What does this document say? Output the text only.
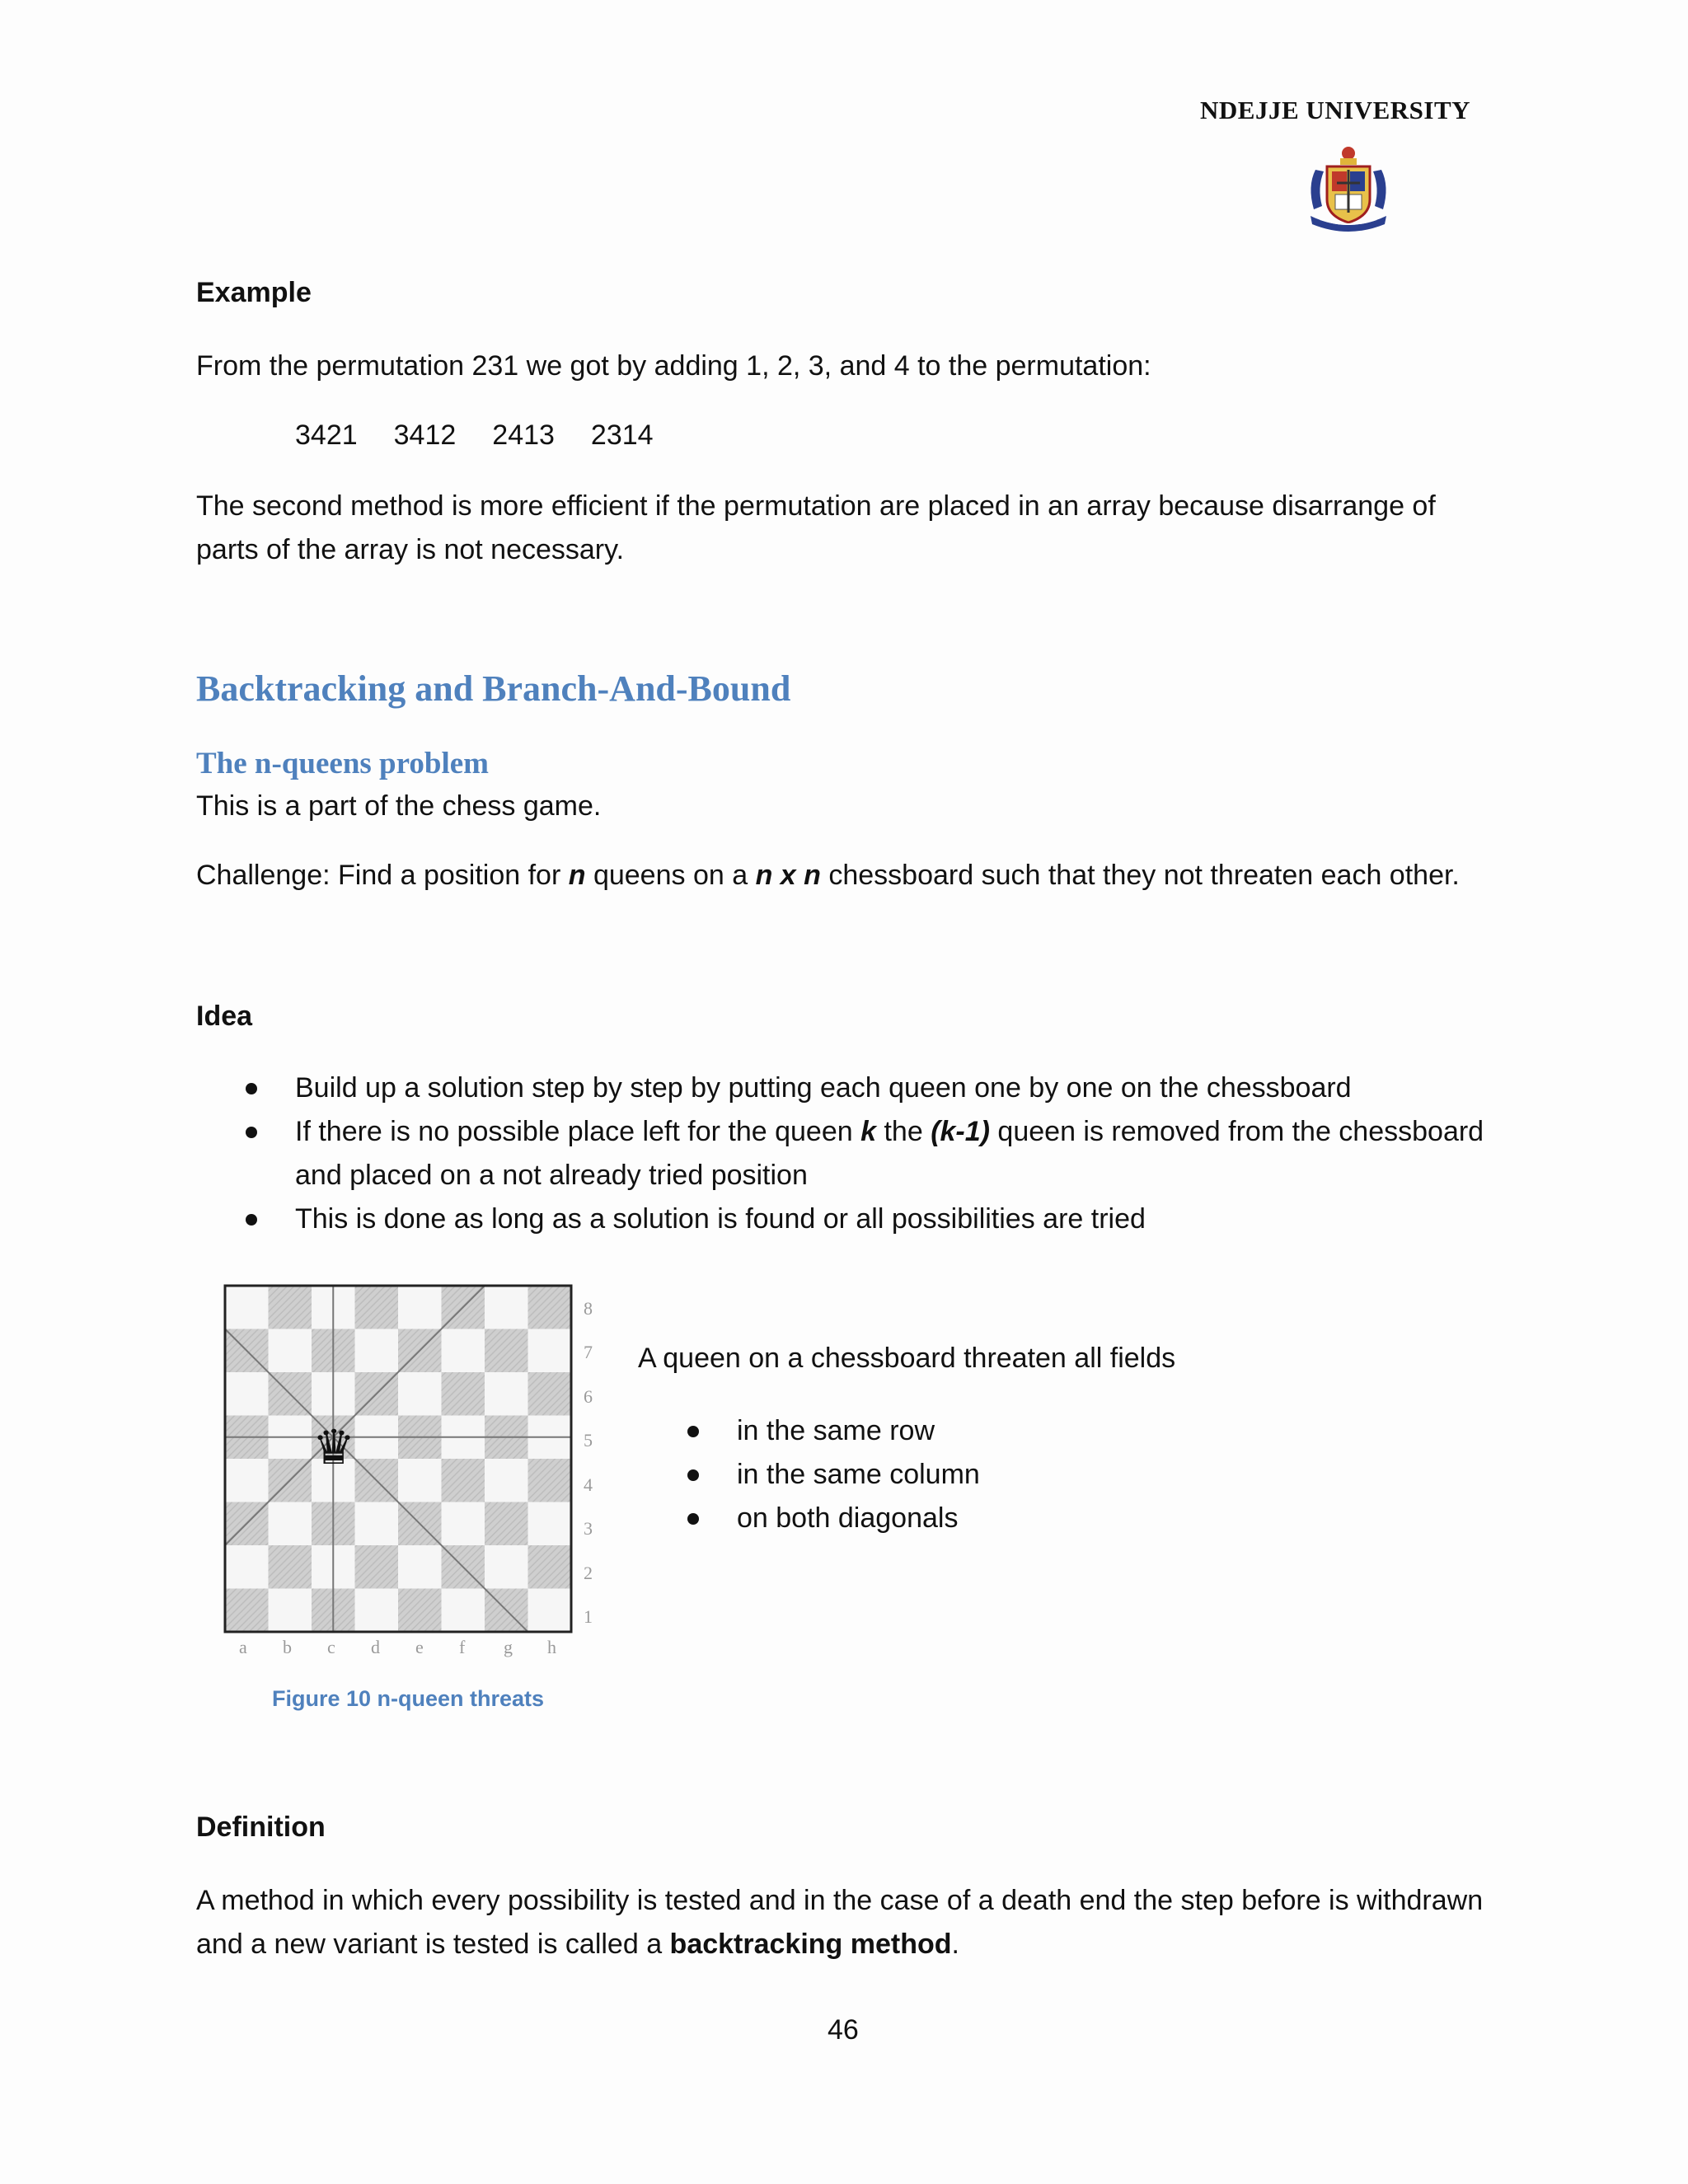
NDEJJE UNIVERSITY
Example
From the permutation 231 we got by adding 1, 2, 3, and 4 to the permutation:
3421 3412 2413 2314
The second method is more efficient if the permutation are placed in an array because disarrange of parts of the array is not necessary.
Backtracking and Branch-And-Bound
The n-queens problem
This is a part of the chess game.
Challenge: Find a position for n queens on a n x n chessboard such that they not threaten each other.
Idea
Build up a solution step by step by putting each queen one by one on the chessboard
If there is no possible place left for the queen k the (k-1) queen is removed from the chessboard and placed on a not already tried position
This is done as long as a solution is found or all possibilities are tried
8
7
6
5
4
3
2
1
a b c d e f g h
♛
Figure 10 n-queen threats
A queen on a chessboard threaten all fields
in the same row
in the same column
on both diagonals
Definition
A method in which every possibility is tested and in the case of a death end the step before is withdrawn and a new variant is tested is called a backtracking method.
46
